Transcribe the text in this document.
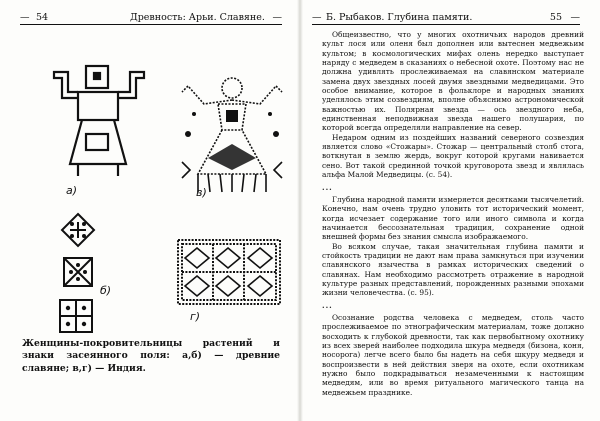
— 54	Древность: Арьи. Славяне. —

а)	в)
б)
г)
Женщины-покровительницы растений и знаки засеянного поля: а,б) — древние славяне; в,г) — Индия.
— Б. Рыбаков. Глубина памяти.	55 —

Общеизвестно, что у многих охотничьих народов древний культ лося или оленя был дополнен или вытеснен медвежьим культом; в космологических мифах олень нередко выступает наряду с медведем в сказаниях о небесной охоте. Поэтому нас не должна удивлять прослеживаемая на славянском материале замена двух звездных лосей двумя звездными медведицами. Это особое внимание, которое в фольклоре и народных знаниях уделялось этим созвездиям, вполне объяснимо астрономической важностью их. Полярная звезда — ось звездного неба, единственная неподвижная звезда нашего полушария, по которой всегда определяли направление на север.

Недаром одним из поздейших названий северного созвездия является слово «Стожары». Стожар — центральный столб стога, воткнутая в землю жердь, вокруг которой кругами навивается сено. Вот такой срединной точкой круговорота звезд и являлась альфа Малой Медведицы. (с. 54).

...

Глубина народной памяти измеряется десятками тысячелетий. Конечно, нам очень трудно уловить тот исторический момент, когда исчезает содержание того или иного символа и когда начинается бессознательная традиция, сохранение одной внешней формы без знания смысла изображаемого.

Во всяком случае, такая значительная глубина памяти и стойкость традиции не дают нам права замкнуться при изучении славянского язычества в рамках исторических сведений о славянах. Нам необходимо рассмотреть отражение в народной культуре разных представлений, порожденных разными эпохами жизни человечества. (с. 95).

...

Осознание родства человека с медведем, столь часто прослеживаемое по этнографическим материалам, тоже должно восходить к глубокой древности, так как первобытному охотнику из всех зверей наиболее подходила шкура медведя (бизона, коня, носорога) легче всего было бы надеть на себя шкуру медведя и воспроизвести в ней действия зверя на охоте, если охотникам нужно было подкрадываться незамеченными к настоящим медведям, или во время ритуального магического танца на медвежьем празднике.
